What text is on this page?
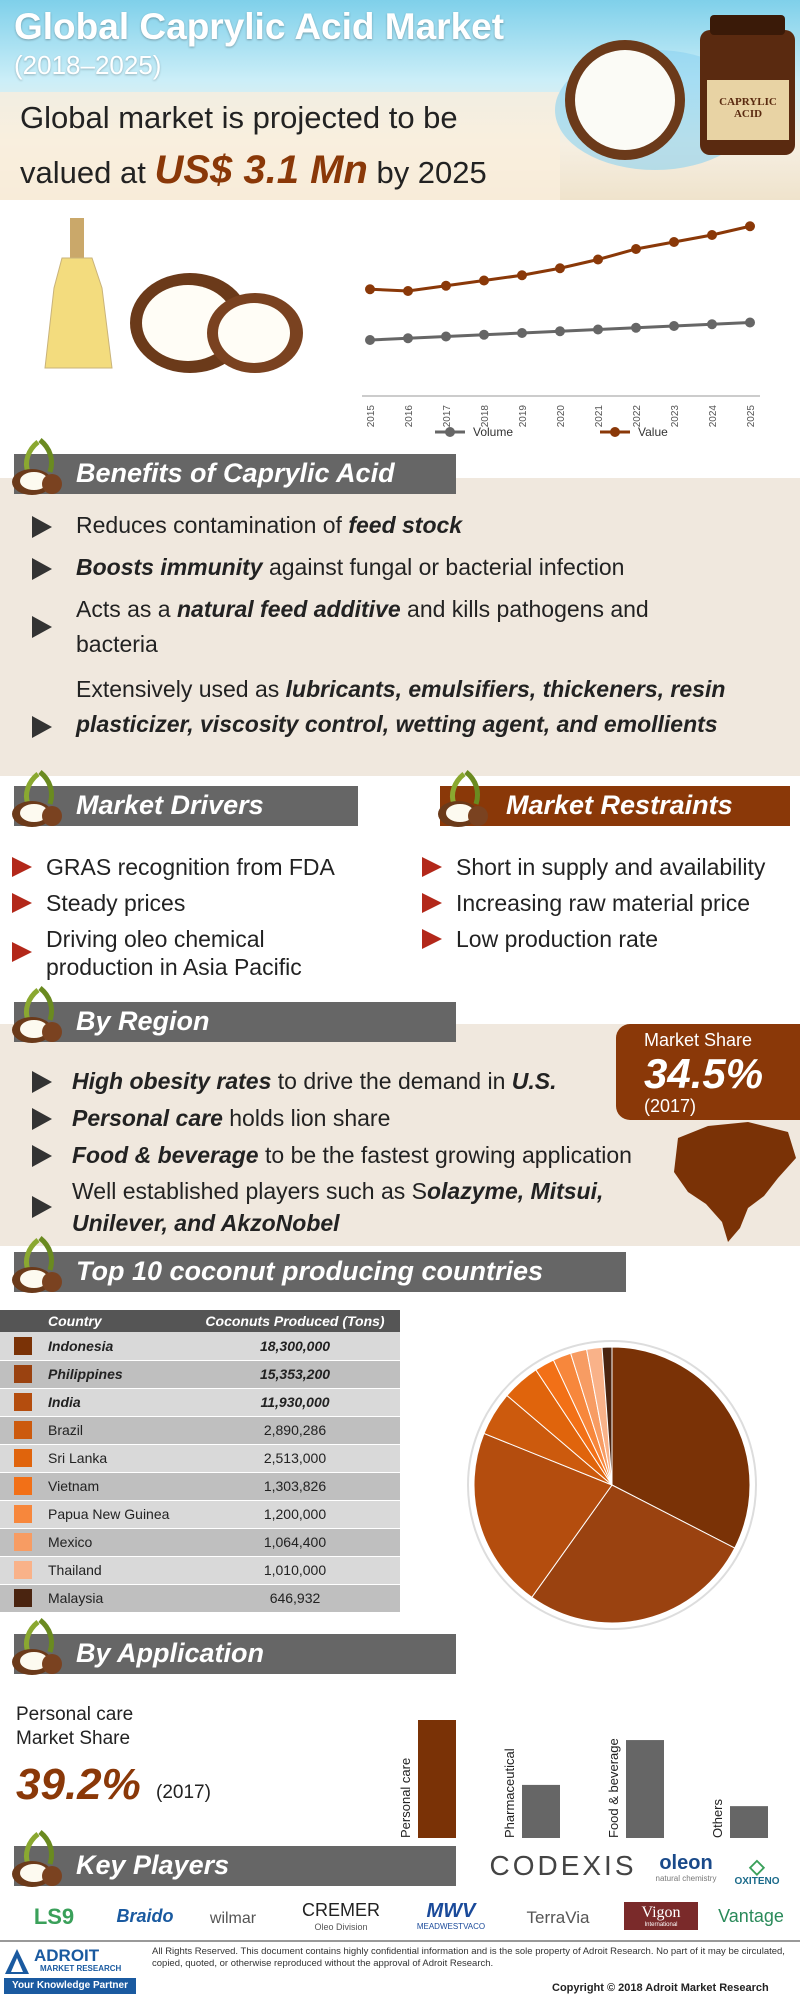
Global Caprylic Acid Market
(2018–2025)
Global market is projected to be
valued at US$ 3.1 Mn by 2025
CAPRYLIC ACID
2015	2016	2017	2018	2019	2020	2021	2022	2023	2024	2025
Volume	Value
Benefits of Caprylic Acid
Reduces contamination of feed stock
Boosts immunity against fungal or bacterial infection
Acts as a natural feed additive and kills pathogens and bacteria
Extensively used as lubricants, emulsifiers, thickeners, resin plasticizer, viscosity control, wetting agent, and emollients
Market Drivers	Market Restraints
GRAS recognition from FDA
Steady prices
Driving oleo chemical production in Asia Pacific
Short in supply and availability
Increasing raw material price
Low production rate
By Region
Market Share
34.5%
(2017)
High obesity rates to drive the demand in U.S.
Personal care holds lion share
Food & beverage to be the fastest growing application
Well established players such as Solazyme, Mitsui, Unilever, and AkzoNobel
Top 10 coconut producing countries
	Country	Coconuts Produced (Tons)
	Indonesia	18,300,000
	Philippines	15,353,200
	India	11,930,000
	Brazil	2,890,286
	Sri Lanka	2,513,000
	Vietnam	1,303,826
	Papua New Guinea	1,200,000
	Mexico	1,064,400
	Thailand	1,010,000
	Malaysia	646,932
By Application
Personal care
Market Share
39.2% (2017)	Personal care	Pharmaceutical	Food & beverage	Others
Key Players	CODEXIS oleon
natural chemistry
◇
OXITENO
LS9	Braido	wilmar	CREMER
Oleo Division
MWV
MEADWESTVACO	TerraVia	Vigon
International	Vantage
ADROIT
MARKET RESEARCH
Your Knowledge Partner
All Rights Reserved. This document contains highly confidential information and is the sole property of Adroit Research. No part of it may be circulated, copied, quoted, or otherwise reproduced without the approval of Adroit Research.
Copyright © 2018 Adroit Market Research
